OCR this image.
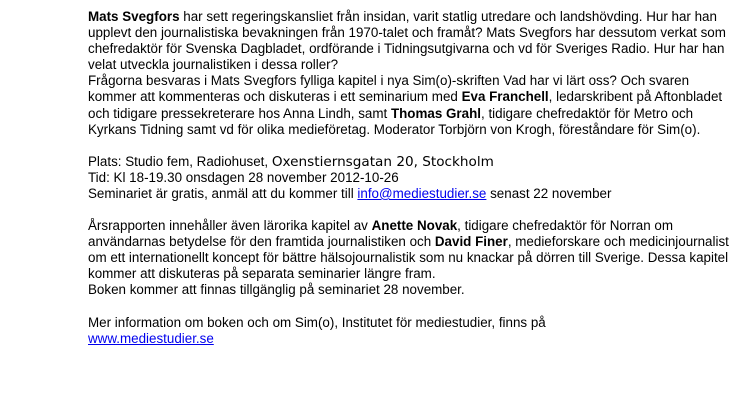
Mats Svegfors har sett regeringskansliet från insidan, varit statlig utredare och landshövding. Hur har han upplevt den journalistiska bevakningen från 1970-talet och framåt? Mats Svegfors har dessutom verkat som chefredaktör för Svenska Dagbladet, ordförande i Tidningsutgivarna och vd för Sveriges Radio. Hur har han velat utveckla journalistiken i dessa roller?

Frågorna besvaras i Mats Svegfors fylliga kapitel i nya Sim(o)-skriften Vad har vi lärt oss? Och svaren kommer att kommenteras och diskuteras i ett seminarium med Eva Franchell, ledarskribent på Aftonbladet och tidigare pressekreterare hos Anna Lindh, samt Thomas Grahl, tidigare chefredaktör för Metro och Kyrkans Tidning samt vd för olika medieföretag. Moderator Torbjörn von Krogh, föreståndare för Sim(o).

Plats: Studio fem, Radiohuset, Oxenstiernsgatan 20, Stockholm

Tid: Kl 18-19.30 onsdagen 28 november 2012-10-26

Seminariet är gratis, anmäl att du kommer till info@mediestudier.se senast 22 november

Årsrapporten innehåller även lärorika kapitel av Anette Novak, tidigare chefredaktör för Norran om användarnas betydelse för den framtida journalistiken och David Finer, medieforskare och medicinjournalist om ett internationellt koncept för bättre hälsojournalistik som nu knackar på dörren till Sverige. Dessa kapitel kommer att diskuteras på separata seminarier längre fram.

Boken kommer att finnas tillgänglig på seminariet 28 november.

Mer information om boken och om Sim(o), Institutet för mediestudier, finns på

www.mediestudier.se
